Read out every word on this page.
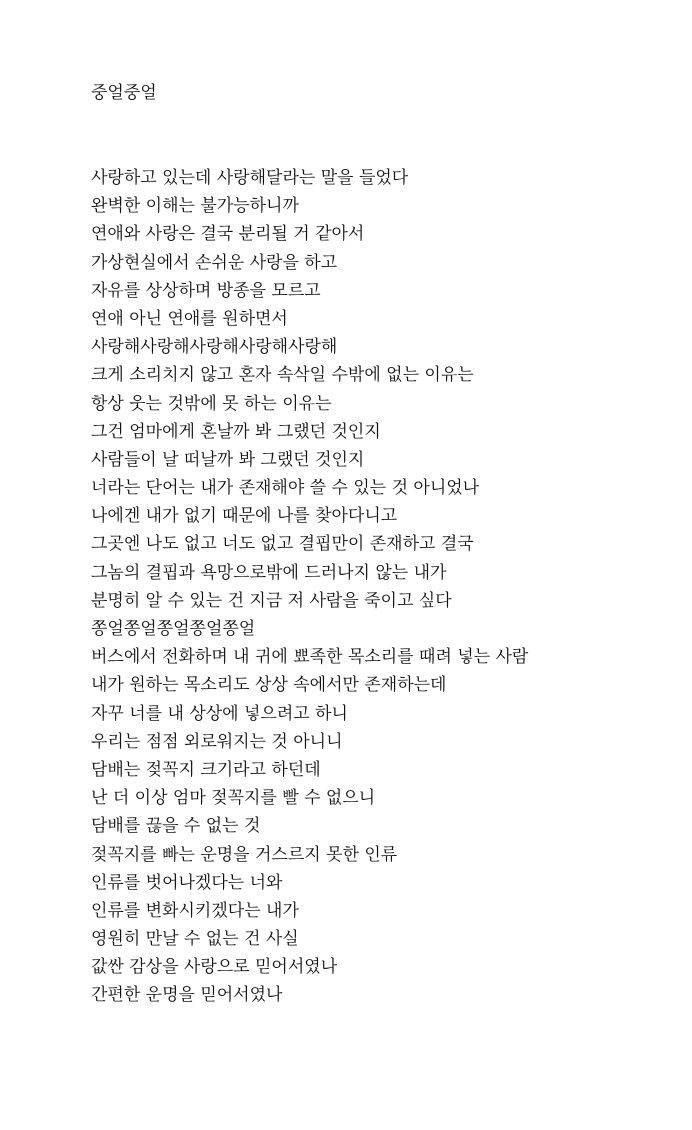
중얼중얼
사랑하고 있는데 사랑해달라는 말을 들었다
완벽한 이해는 불가능하니까
연애와 사랑은 결국 분리될 거 같아서
가상현실에서 손쉬운 사랑을 하고
자유를 상상하며 방종을 모르고
연애 아닌 연애를 원하면서
사랑해사랑해사랑해사랑해사랑해
크게 소리치지 않고 혼자 속삭일 수밖에 없는 이유는
항상 웃는 것밖에 못 하는 이유는
그건 엄마에게 혼날까 봐 그랬던 것인지
사람들이 날 떠날까 봐 그랬던 것인지
너라는 단어는 내가 존재해야 쓸 수 있는 것 아니었나
나에겐 내가 없기 때문에 나를 찾아다니고
그곳엔 나도 없고 너도 없고 결핍만이 존재하고 결국
그놈의 결핍과 욕망으로밖에 드러나지 않는 내가
분명히 알 수 있는 건 지금 저 사람을 죽이고 싶다
쫑얼쫑얼쫑얼쫑얼쫑얼
버스에서 전화하며 내 귀에 뾰족한 목소리를 때려 넣는 사람
내가 원하는 목소리도 상상 속에서만 존재하는데
자꾸 너를 내 상상에 넣으려고 하니
우리는 점점 외로워지는 것 아니니
담배는 젖꼭지 크기라고 하던데
난 더 이상 엄마 젖꼭지를 빨 수 없으니
담배를 끊을 수 없는 것
젖꼭지를 빠는 운명을 거스르지 못한 인류
인류를 벗어나겠다는 너와
인류를 변화시키겠다는 내가
영원히 만날 수 없는 건 사실
값싼 감상을 사랑으로 믿어서였나
간편한 운명을 믿어서였나
